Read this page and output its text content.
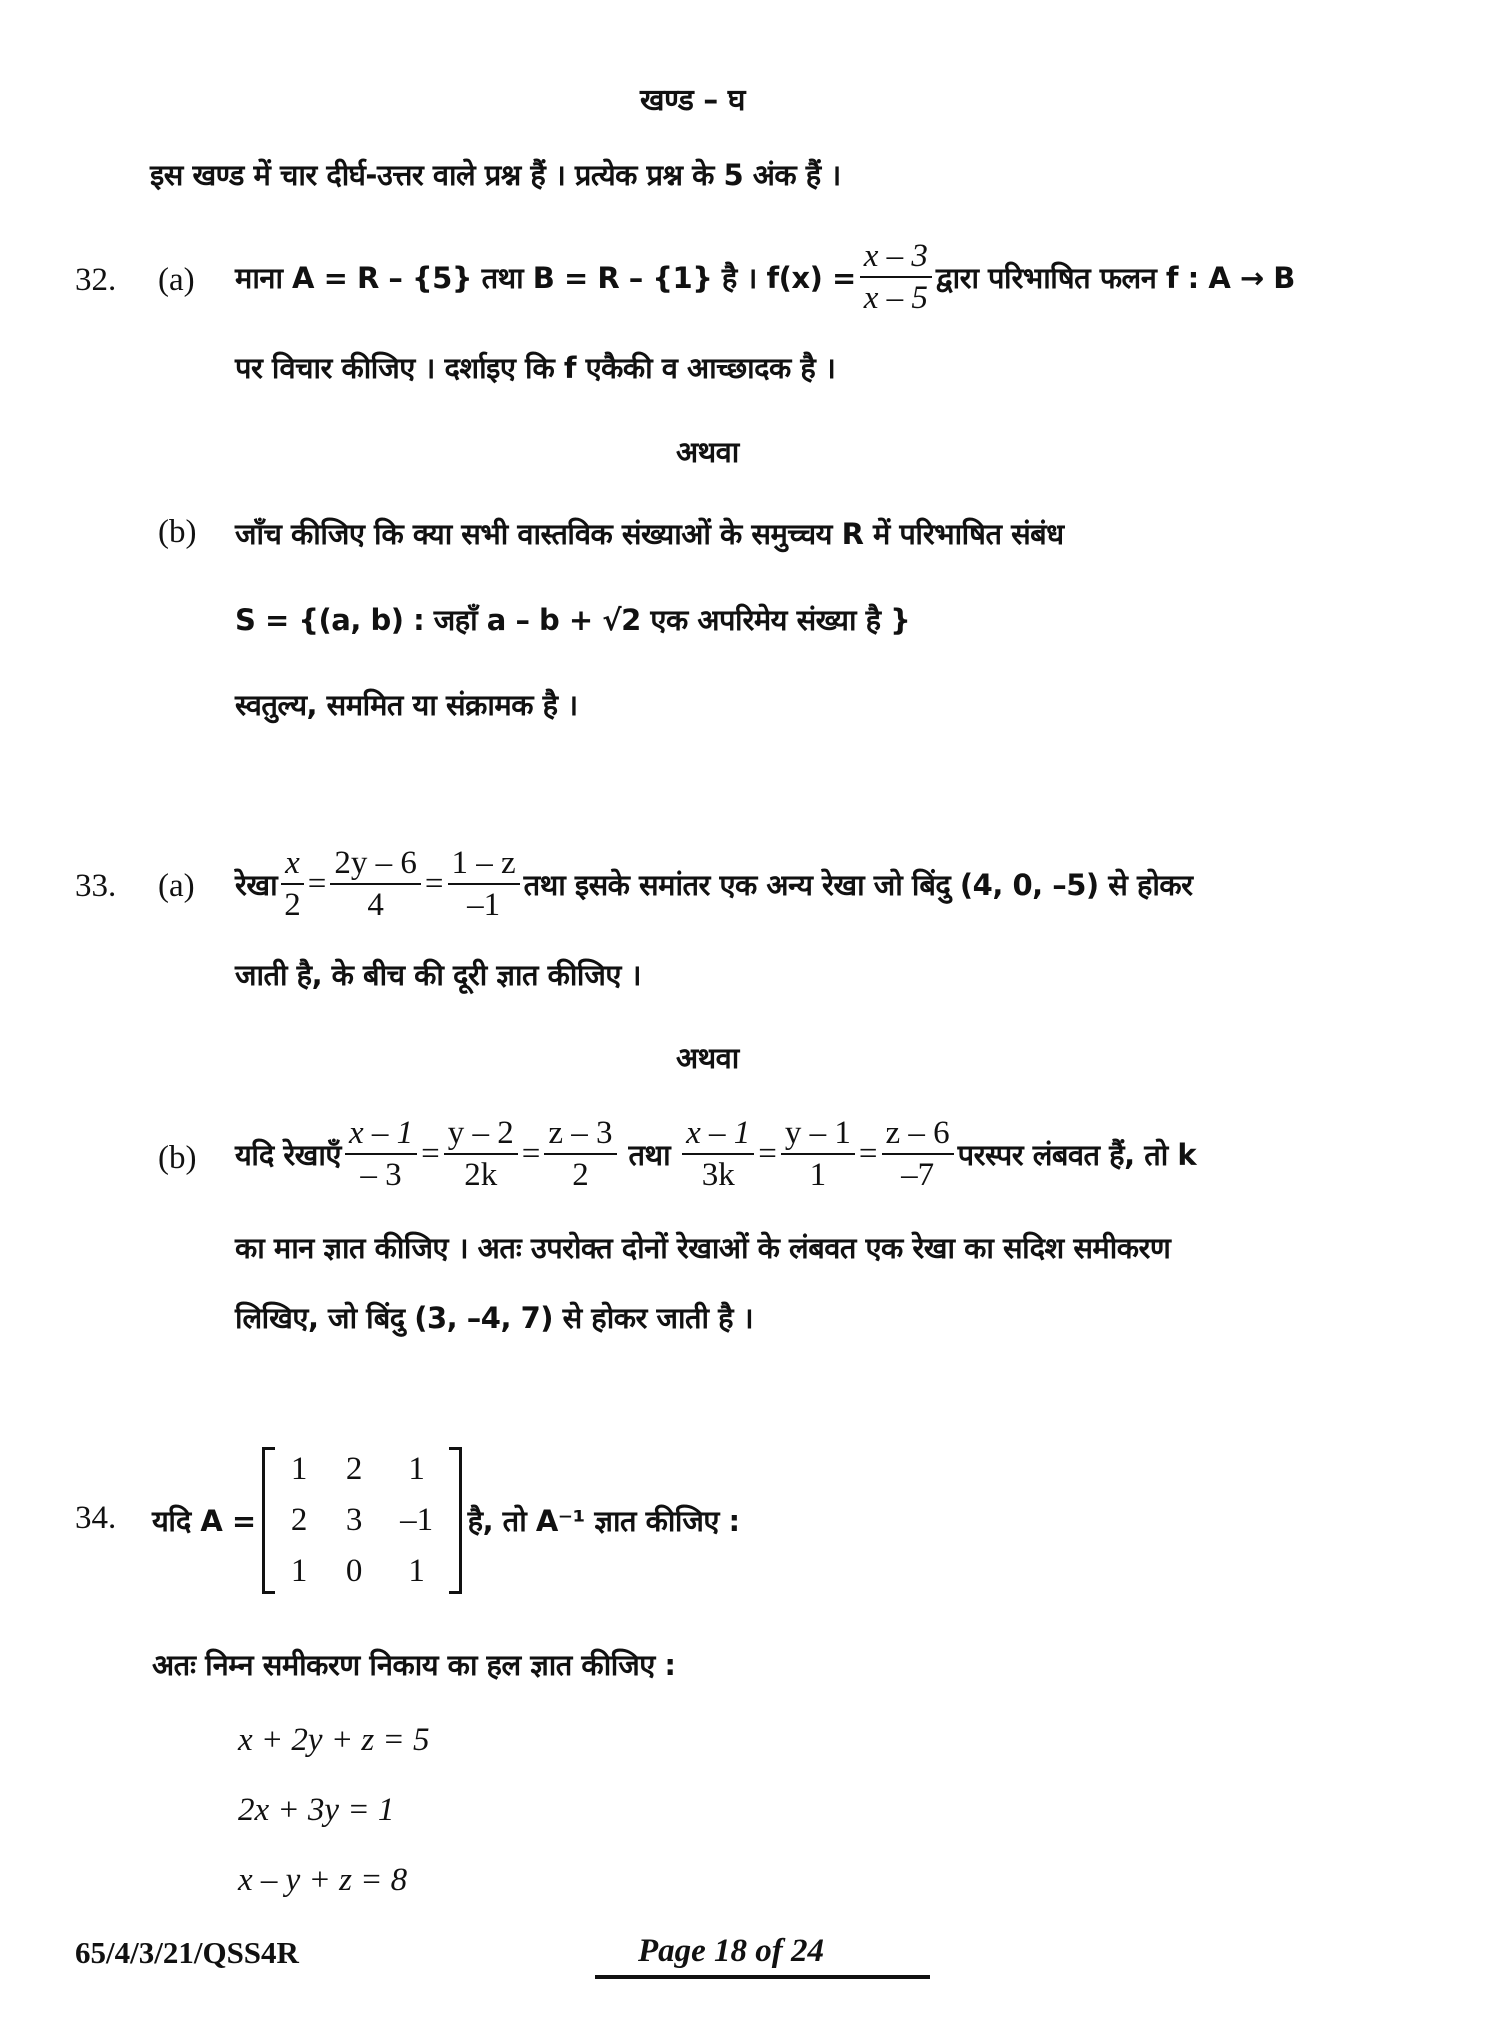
खण्ड – घ
इस खण्ड में चार दीर्घ-उत्तर वाले प्रश्न हैं । प्रत्येक प्रश्न के 5 अंक हैं ।
32. (a) माना A = R – {5} तथा B = R – {1} है । $f(x) = \frac{x - 3}{x - 5}$ द्वारा परिभाषित फलन f : A → B
पर विचार कीजिए । दर्शाइए कि f एकैकी व आच्छादक है ।
अथवा
(b) जाँच कीजिए कि क्या सभी वास्तविक संख्याओं के समुच्चय R में परिभाषित संबंध
S = {(a, b) : जहाँ a – b + √2 एक अपरिमेय संख्या है }
स्वतुल्य, सममित या संक्रामक है ।
33. (a) रेखा $\frac{x}{2} = \frac{2y - 6}{4} = \frac{1 - z}{-1}$ तथा इसके समांतर एक अन्य रेखा जो बिंदु (4, 0, –5) से होकर
जाती है, के बीच की दूरी ज्ञात कीजिए ।
अथवा
(b) यदि रेखाएँ $\frac{x - 1}{- 3} = \frac{y - 2}{2k} = \frac{z - 3}{2}$ तथा $\frac{x - 1}{3k} = \frac{y - 1}{1} = \frac{z - 6}{-7}$ परस्पर लंबवत हैं, तो k
का मान ज्ञात कीजिए । अतः उपरोक्त दोनों रेखाओं के लंबवत एक रेखा का सदिश समीकरण
लिखिए, जो बिंदु (3, –4, 7) से होकर जाती है ।
34. यदि A =
1	2	1
2	3	–1
1	0	1
है, तो A⁻¹ ज्ञात कीजिए :
अतः निम्न समीकरण निकाय का हल ज्ञात कीजिए :
x + 2y + z = 5
2x + 3y = 1
x – y + z = 8
65/4/3/21/QSS4R	Page 18 of 24
